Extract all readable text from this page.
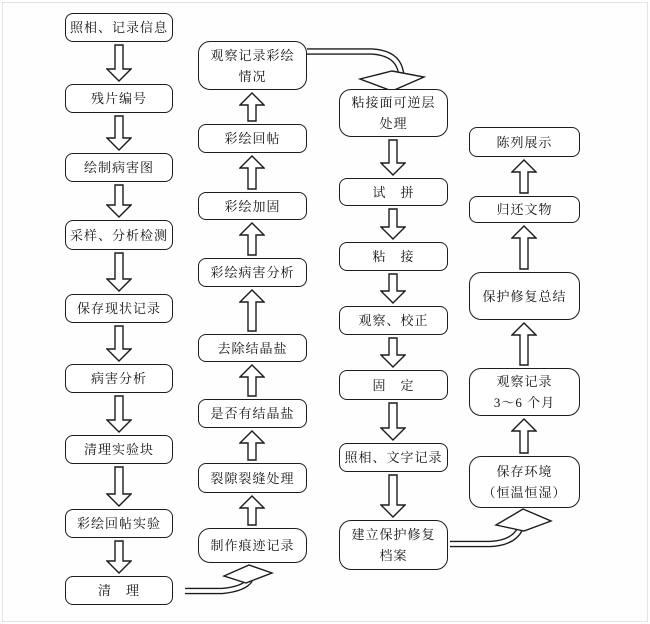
照相、记录信息
残片编号
绘制病害图
采样、分析检测
保存现状记录
病害分析
清理实验块
彩绘回帖实验
清　理
观察记录彩绘
情况
彩绘回帖
彩绘加固
彩绘病害分析
去除结晶盐
是否有结晶盐
裂隙裂缝处理
制作痕迹记录
粘接面可逆层
处理
试　拼
粘　接
观察、校正
固　定
照相、文字记录
建立保护修复
档案
陈列展示
归还文物
保护修复总结
观察记录
3～6 个月
保存环境
（恒温恒湿）
